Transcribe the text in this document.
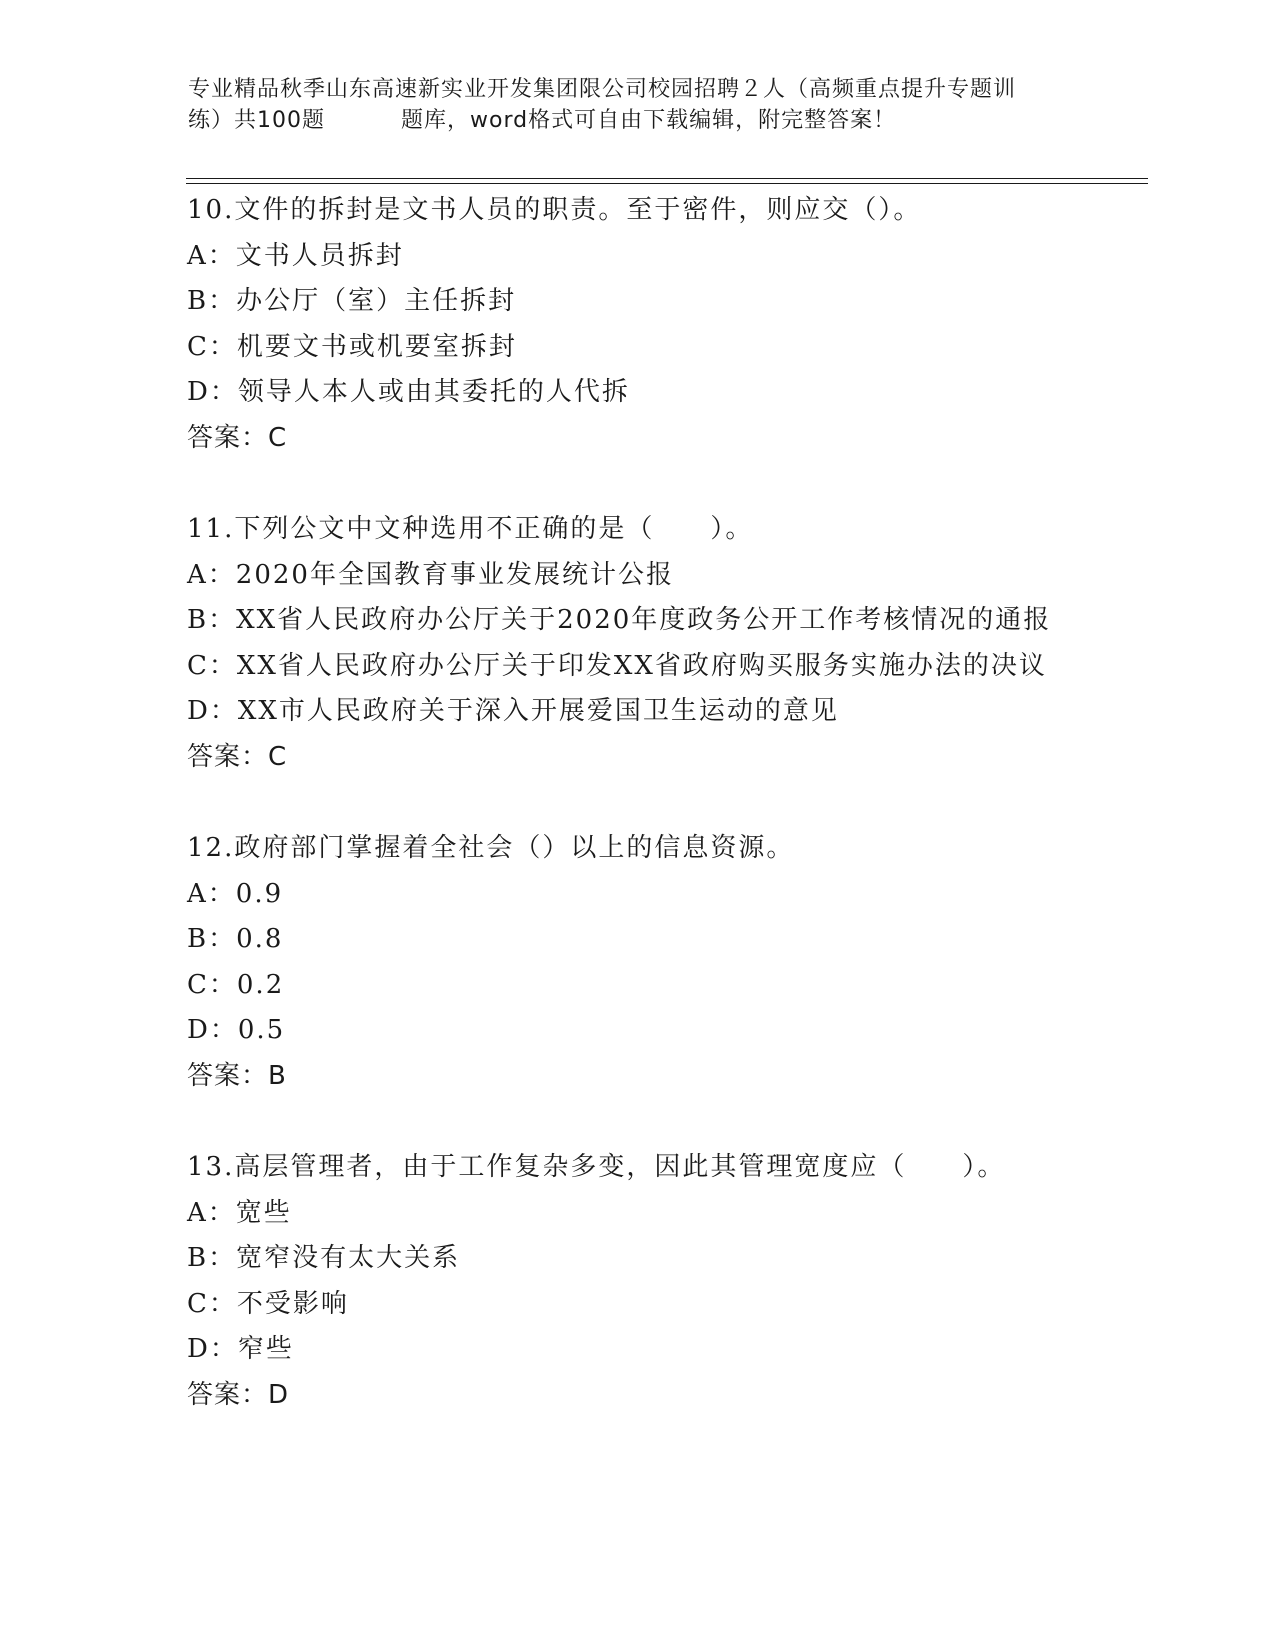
专业精品秋季山东高速新实业开发集团限公司校园招聘２人（高频重点提升专题训
练）共100题	题库，word格式可自由下载编辑，附完整答案！
10.文件的拆封是文书人员的职责。至于密件，则应交（）。
A：文书人员拆封
B：办公厅（室）主任拆封
C：机要文书或机要室拆封
D：领导人本人或由其委托的人代拆
答案：C
11.下列公文中文种选用不正确的是（　　）。
A：2020年全国教育事业发展统计公报
B：XX省人民政府办公厅关于2020年度政务公开工作考核情况的通报
C：XX省人民政府办公厅关于印发XX省政府购买服务实施办法的决议
D：XX市人民政府关于深入开展爱国卫生运动的意见
答案：C
12.政府部门掌握着全社会（）以上的信息资源。
A：0.9
B：0.8
C：0.2
D：0.5
答案：B
13.高层管理者，由于工作复杂多变，因此其管理宽度应（　　）。
A：宽些
B：宽窄没有太大关系
C：不受影响
D：窄些
答案：D
